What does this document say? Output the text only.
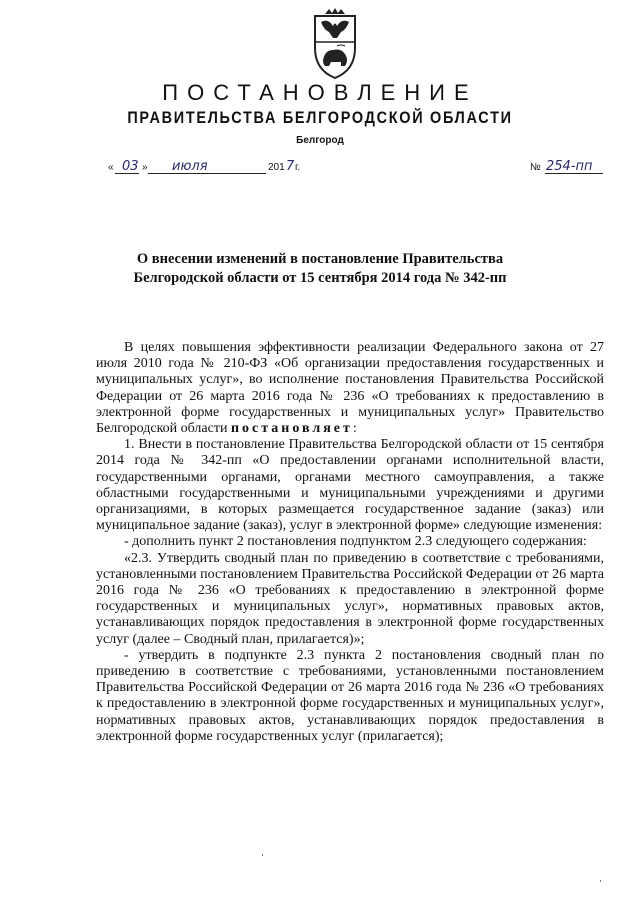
ПОСТАНОВЛЕНИЕ
ПРАВИТЕЛЬСТВА БЕЛГОРОДСКОЙ ОБЛАСТИ
Белгород
« 03 » июля	201 7 г.	№ 254-пп
О внесении изменений в постановление Правительства
Белгородской области от 15 сентября 2014 года № 342-пп

В целях повышения эффективности реализации Федерального закона от 27 июля 2010 года № 210-ФЗ «Об организации предоставления государственных и муниципальных услуг», во исполнение постановления Правительства Российской Федерации от 26 марта 2016 года № 236 «О требованиях к предоставлению в электронной форме государственных и муниципальных услуг» Правительство Белгородской области постановляет:

1. Внести в постановление Правительства Белгородской области от 15 сентября 2014 года № 342-пп «О предоставлении органами исполнительной власти, государственными органами, органами местного самоуправления, а также областными государственными и муниципальными учреждениями и другими организациями, в которых размещается государственное задание (заказ) или муниципальное задание (заказ), услуг в электронной форме» следующие изменения:

- дополнить пункт 2 постановления подпунктом 2.3 следующего содержания:

«2.3. Утвердить сводный план по приведению в соответствие с требованиями, установленными постановлением Правительства Российской Федерации от 26 марта 2016 года № 236 «О требованиях к предоставлению в электронной форме государственных и муниципальных услуг», нормативных правовых актов, устанавливающих порядок предоставления в электронной форме государственных услуг (далее – Сводный план, прилагается)»;

- утвердить в подпункте 2.3 пункта 2 постановления сводный план по приведению в соответствие с требованиями, установленными постановлением Правительства Российской Федерации от 26 марта 2016 года № 236 «О требованиях к предоставлению в электронной форме государственных и муниципальных услуг», нормативных правовых актов, устанавливающих порядок предоставления в электронной форме государственных услуг (прилагается);
